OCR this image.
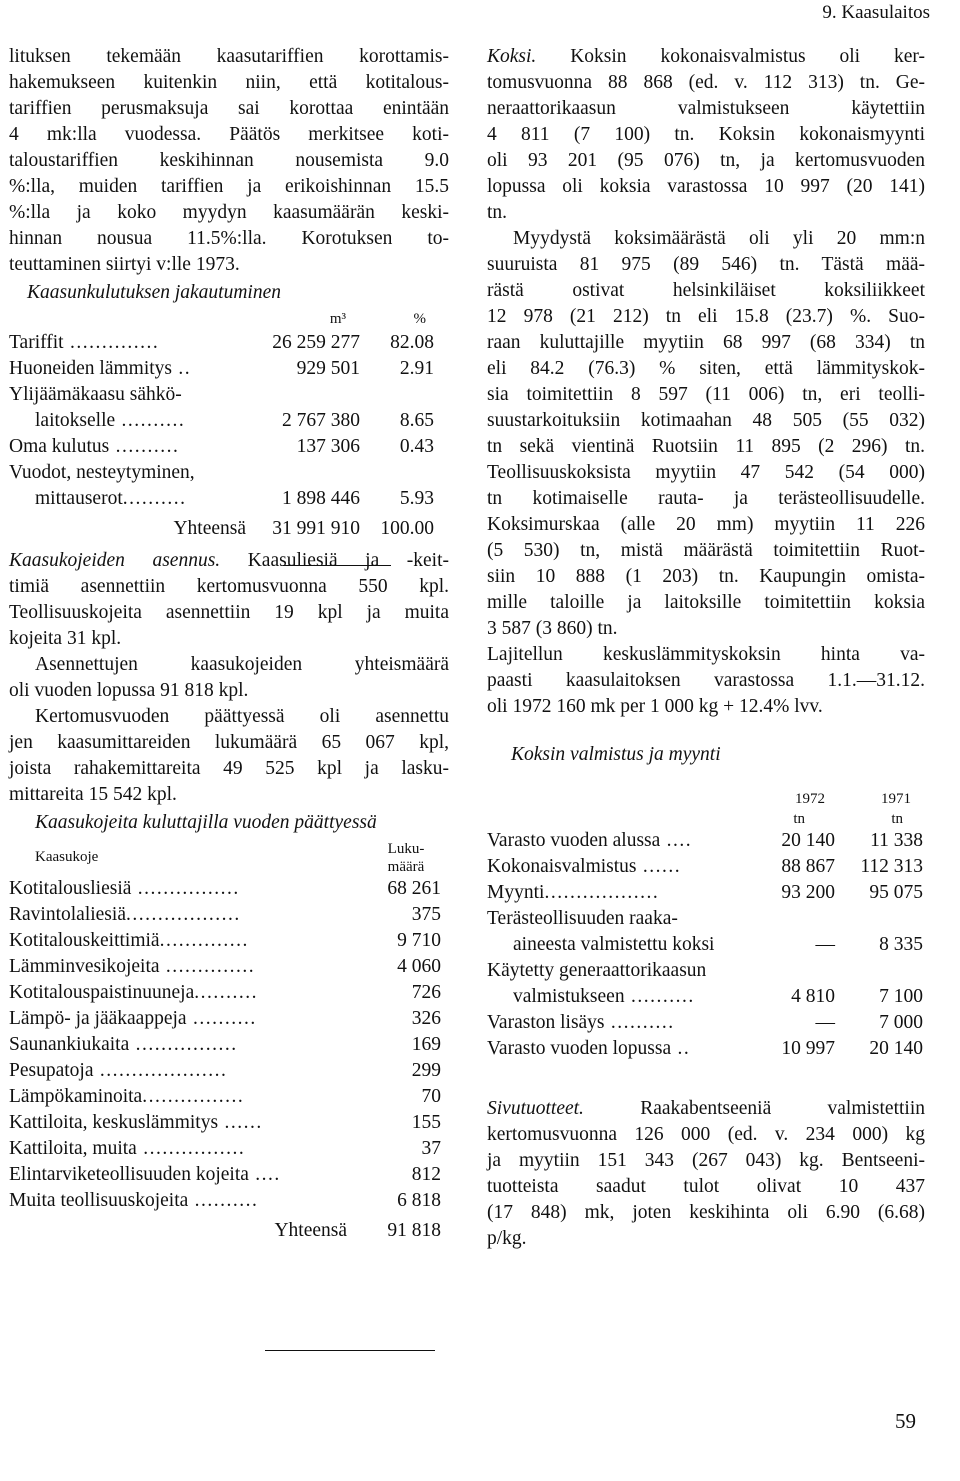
9. Kaasulaitos
lituksen tekemään kaasutariffien korottamis-
hakemukseen kuitenkin niin, että kotitalous-
tariffien perusmaksuja sai korottaa enintään
4 mk:lla vuodessa. Päätös merkitsee koti-
taloustariffien keskihinnan nousemista 9.0
%:lla, muiden tariffien ja erikoishinnan 15.5
%:lla ja koko myydyn kaasumäärän keski-
hinnan nousua 11.5%:lla. Korotuksen to-
teuttaminen siirtyi v:lle 1973.
Kaasunkulutuksen jakautuminen
m³	%
Tariffit ..............	26 259 277	82.08
Huoneiden lämmitys ..	929 501	2.91
Ylijäämäkaasu sähkö-
laitokselle ..........	2 767 380	8.65
Oma kulutus ..........	137 306	0.43
Vuodot, nesteytyminen,
mittauserot..........	1 898 446	5.93
Yhteensä	31 991 910	100.00
Kaasukojeiden asennus. Kaasuliesiä ja -keit-
timiä asennettiin kertomusvuonna 550 kpl.
Teollisuuskojeita asennettiin 19 kpl ja muita
kojeita 31 kpl.
Asennettujen kaasukojeiden yhteismäärä
oli vuoden lopussa 91 818 kpl.
Kertomusvuoden päättyessä oli asennettu
jen kaasumittareiden lukumäärä 65 067 kpl,
joista rahakemittareita 49 525 kpl ja lasku-
mittareita 15 542 kpl.
Kaasukojeita kuluttajilla vuoden päättyessä
Kaasukoje	Luku-
määrä
Kotitalousliesiä ................	68 261
Ravintolaliesiä..................	375
Kotitalouskeittimiä..............	9 710
Lämminvesikojeita ..............	4 060
Kotitalouspaistinuuneja..........	726
Lämpö- ja jääkaappeja ..........	326
Saunankiukaita ................	169
Pesupatoja ....................	299
Lämpökaminoita................	70
Kattiloita, keskuslämmitys ......	155
Kattiloita, muita ................	37
Elintarviketeollisuuden kojeita ....	812
Muita teollisuuskojeita ..........	6 818
Yhteensä	91 818
Koksi. Koksin kokonaisvalmistus oli ker-
tomusvuonna 88 868 (ed. v. 112 313) tn. Ge-
neraattorikaasun valmistukseen käytettiin
4 811 (7 100) tn. Koksin kokonaismyynti
oli 93 201 (95 076) tn, ja kertomusvuoden
lopussa oli koksia varastossa 10 997 (20 141)
tn.
Myydystä koksimäärästä oli yli 20 mm:n
suuruista 81 975 (89 546) tn. Tästä mää-
rästä ostivat helsinkiläiset koksiliikkeet
12 978 (21 212) tn eli 15.8 (23.7) %. Suo-
raan kuluttajille myytiin 68 997 (68 334) tn
eli 84.2 (76.3) % siten, että lämmityskok-
sia toimitettiin 8 597 (11 006) tn, eri teolli-
suustarkoituksiin kotimaahan 48 505 (55 032)
tn sekä vientinä Ruotsiin 11 895 (2 296) tn.
Teollisuuskoksista myytiin 47 542 (54 000)
tn kotimaiselle rauta- ja terästeollisuudelle.
Koksimurskaa (alle 20 mm) myytiin 11 226
(5 530) tn, mistä määrästä toimitettiin Ruot-
siin 10 888 (1 203) tn. Kaupungin omista-
mille taloille ja laitoksille toimitettiin koksia
3 587 (3 860) tn.
Lajitellun keskuslämmityskoksin hinta va-
paasti kaasulaitoksen varastossa 1.1.—31.12.
oli 1972 160 mk per 1 000 kg + 12.4% lvv.
Koksin valmistus ja myynti
1972	1971
tn	tn
Varasto vuoden alussa ....	20 140	11 338
Kokonaisvalmistus ......	88 867	112 313
Myynti..................	93 200	95 075
Terästeollisuuden raaka-
aineesta valmistettu koksi	—	8 335
Käytetty generaattorikaasun
valmistukseen ..........	4 810	7 100
Varaston lisäys ..........	—	7 000
Varasto vuoden lopussa ..	10 997	20 140
Sivutuotteet.	Raakabentseeniä valmistettiin
kertomusvuonna 126 000 (ed. v. 234 000) kg
ja myytiin 151 343 (267 043) kg. Bentseeni-
tuotteista saadut tulot olivat 10 437
(17 848) mk, joten keskihinta oli 6.90 (6.68)
p/kg.
59
